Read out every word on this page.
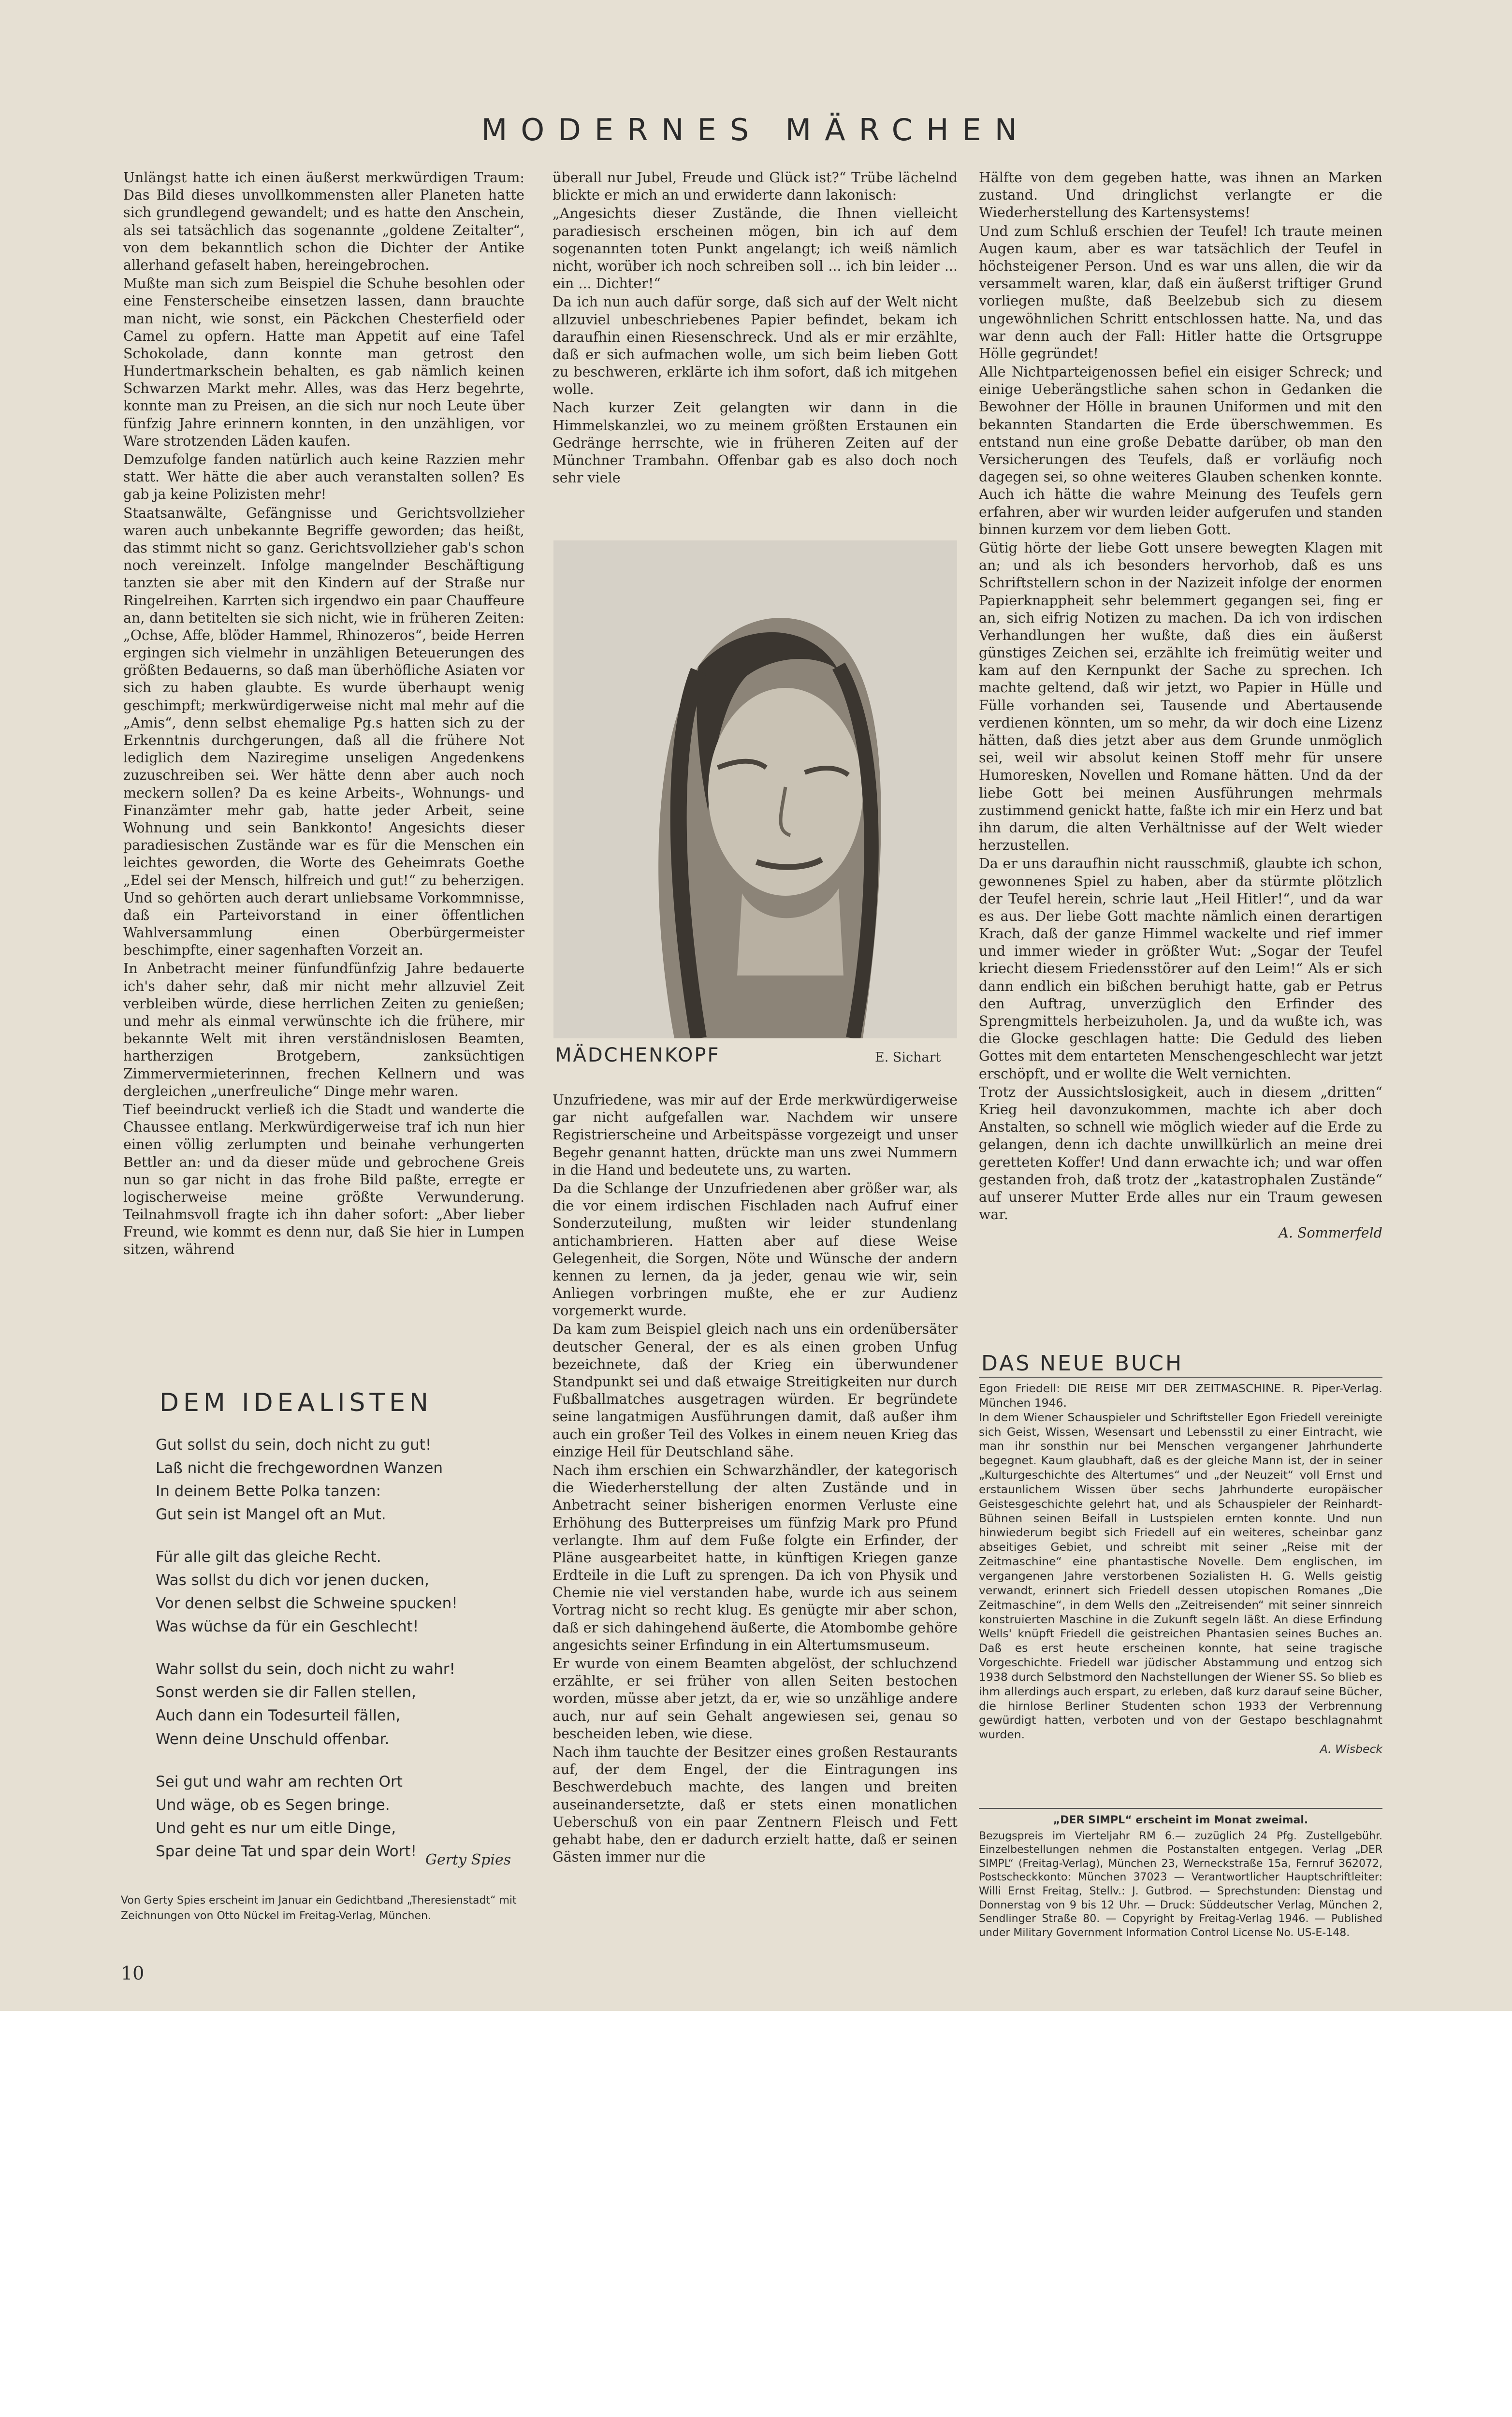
MODERNES MÄRCHEN

Unlängst hatte ich einen äußerst merkwürdigen Traum: Das Bild dieses unvollkommensten aller Planeten hatte sich grundlegend gewandelt; und es hatte den Anschein, als sei tatsächlich das sogenannte „goldene Zeitalter“, von dem bekanntlich schon die Dichter der Antike allerhand gefaselt haben, hereingebrochen.

Mußte man sich zum Beispiel die Schuhe besohlen oder eine Fensterscheibe einsetzen lassen, dann brauchte man nicht, wie sonst, ein Päckchen Chesterfield oder Camel zu opfern. Hatte man Appetit auf eine Tafel Schokolade, dann konnte man getrost den Hundertmarkschein behalten, es gab nämlich keinen Schwarzen Markt mehr. Alles, was das Herz begehrte, konnte man zu Preisen, an die sich nur noch Leute über fünfzig Jahre erinnern konnten, in den unzähligen, vor Ware strotzenden Läden kaufen.

Demzufolge fanden natürlich auch keine Razzien mehr statt. Wer hätte die aber auch veranstalten sollen? Es gab ja keine Polizisten mehr!

Staatsanwälte, Gefängnisse und Gerichtsvollzieher waren auch unbekannte Begriffe geworden; das heißt, das stimmt nicht so ganz. Gerichtsvollzieher gab's schon noch vereinzelt. Infolge mangelnder Beschäftigung tanzten sie aber mit den Kindern auf der Straße nur Ringelreihen. Karrten sich irgendwo ein paar Chauffeure an, dann betitelten sie sich nicht, wie in früheren Zeiten: „Ochse, Affe, blöder Hammel, Rhinozeros“, beide Herren ergingen sich vielmehr in unzähligen Beteuerungen des größten Bedauerns, so daß man überhöfliche Asiaten vor sich zu haben glaubte. Es wurde überhaupt wenig geschimpft; merkwürdigerweise nicht mal mehr auf die „Amis“, denn selbst ehemalige Pg.s hatten sich zu der Erkenntnis durchgerungen, daß all die frühere Not lediglich dem Naziregime unseligen Angedenkens zuzuschreiben sei. Wer hätte denn aber auch noch meckern sollen? Da es keine Arbeits-, Wohnungs- und Finanzämter mehr gab, hatte jeder Arbeit, seine Wohnung und sein Bankkonto! Angesichts dieser paradiesischen Zustände war es für die Menschen ein leichtes geworden, die Worte des Geheimrats Goethe „Edel sei der Mensch, hilfreich und gut!“ zu beherzigen. Und so gehörten auch derart unliebsame Vorkommnisse, daß ein Parteivorstand in einer öffentlichen Wahlversammlung einen Oberbürgermeister beschimpfte, einer sagenhaften Vorzeit an.

In Anbetracht meiner fünfundfünfzig Jahre bedauerte ich's daher sehr, daß mir nicht mehr allzuviel Zeit verbleiben würde, diese herrlichen Zeiten zu genießen; und mehr als einmal verwünschte ich die frühere, mir bekannte Welt mit ihren verständnislosen Beamten, hartherzigen Brotgebern, zanksüchtigen Zimmervermieterinnen, frechen Kellnern und was dergleichen „unerfreuliche“ Dinge mehr waren.

Tief beeindruckt verließ ich die Stadt und wanderte die Chaussee entlang. Merkwürdigerweise traf ich nun hier einen völlig zerlumpten und beinahe verhungerten Bettler an: und da dieser müde und gebrochene Greis nun so gar nicht in das frohe Bild paßte, erregte er logischerweise meine größte Verwunderung. Teilnahmsvoll fragte ich ihn daher sofort: „Aber lieber Freund, wie kommt es denn nur, daß Sie hier in Lumpen sitzen, während

überall nur Jubel, Freude und Glück ist?“ Trübe lächelnd blickte er mich an und erwiderte dann lakonisch:

„Angesichts dieser Zustände, die Ihnen vielleicht paradiesisch erscheinen mögen, bin ich auf dem sogenannten toten Punkt angelangt; ich weiß nämlich nicht, worüber ich noch schreiben soll ... ich bin leider ... ein ... Dichter!“

Da ich nun auch dafür sorge, daß sich auf der Welt nicht allzuviel unbeschriebenes Papier befindet, bekam ich daraufhin einen Riesenschreck. Und als er mir erzählte, daß er sich aufmachen wolle, um sich beim lieben Gott zu beschweren, erklärte ich ihm sofort, daß ich mitgehen wolle.

Nach kurzer Zeit gelangten wir dann in die Himmelskanzlei, wo zu meinem größten Erstaunen ein Gedränge herrschte, wie in früheren Zeiten auf der Münchner Trambahn. Offenbar gab es also doch noch sehr viele

MÄDCHENKOPF	E. Sichart

Unzufriedene, was mir auf der Erde merkwürdigerweise gar nicht aufgefallen war. Nachdem wir unsere Registrierscheine und Arbeitspässe vorgezeigt und unser Begehr genannt hatten, drückte man uns zwei Nummern in die Hand und bedeutete uns, zu warten.

Da die Schlange der Unzufriedenen aber größer war, als die vor einem irdischen Fischladen nach Aufruf einer Sonderzuteilung, mußten wir leider stundenlang antichambrieren. Hatten aber auf diese Weise Gelegenheit, die Sorgen, Nöte und Wünsche der andern kennen zu lernen, da ja jeder, genau wie wir, sein Anliegen vorbringen mußte, ehe er zur Audienz vorgemerkt wurde.

Da kam zum Beispiel gleich nach uns ein ordenübersäter deutscher General, der es als einen groben Unfug bezeichnete, daß der Krieg ein überwundener Standpunkt sei und daß etwaige Streitigkeiten nur durch Fußballmatches ausgetragen würden. Er begründete seine langatmigen Ausführungen damit, daß außer ihm auch ein großer Teil des Volkes in einem neuen Krieg das einzige Heil für Deutschland sähe.

Nach ihm erschien ein Schwarzhändler, der kategorisch die Wiederherstellung der alten Zustände und in Anbetracht seiner bisherigen enormen Verluste eine Erhöhung des Butterpreises um fünfzig Mark pro Pfund verlangte. Ihm auf dem Fuße folgte ein Erfinder, der Pläne ausgearbeitet hatte, in künftigen Kriegen ganze Erdteile in die Luft zu sprengen. Da ich von Physik und Chemie nie viel verstanden habe, wurde ich aus seinem Vortrag nicht so recht klug. Es genügte mir aber schon, daß er sich dahingehend äußerte, die Atombombe gehöre angesichts seiner Erfindung in ein Altertumsmuseum.

Er wurde von einem Beamten abgelöst, der schluchzend erzählte, er sei früher von allen Seiten bestochen worden, müsse aber jetzt, da er, wie so unzählige andere auch, nur auf sein Gehalt angewiesen sei, genau so bescheiden leben, wie diese.

Nach ihm tauchte der Besitzer eines großen Restaurants auf, der dem Engel, der die Eintragungen ins Beschwerdebuch machte, des langen und breiten auseinandersetzte, daß er stets einen monatlichen Ueberschuß von ein paar Zentnern Fleisch und Fett gehabt habe, den er dadurch erzielt hatte, daß er seinen Gästen immer nur die

Hälfte von dem gegeben hatte, was ihnen an Marken zustand. Und dringlichst verlangte er die Wiederherstellung des Kartensystems!

Und zum Schluß erschien der Teufel! Ich traute meinen Augen kaum, aber es war tatsächlich der Teufel in höchsteigener Person. Und es war uns allen, die wir da versammelt waren, klar, daß ein äußerst triftiger Grund vorliegen mußte, daß Beelzebub sich zu diesem ungewöhnlichen Schritt entschlossen hatte. Na, und das war denn auch der Fall: Hitler hatte die Ortsgruppe Hölle gegründet!

Alle Nichtparteigenossen befiel ein eisiger Schreck; und einige Ueberängstliche sahen schon in Gedanken die Bewohner der Hölle in braunen Uniformen und mit den bekannten Standarten die Erde überschwemmen. Es entstand nun eine große Debatte darüber, ob man den Versicherungen des Teufels, daß er vorläufig noch dagegen sei, so ohne weiteres Glauben schenken konnte. Auch ich hätte die wahre Meinung des Teufels gern erfahren, aber wir wurden leider aufgerufen und standen binnen kurzem vor dem lieben Gott.

Gütig hörte der liebe Gott unsere bewegten Klagen mit an; und als ich besonders hervorhob, daß es uns Schriftstellern schon in der Nazizeit infolge der enormen Papierknappheit sehr belemmert gegangen sei, fing er an, sich eifrig Notizen zu machen. Da ich von irdischen Verhandlungen her wußte, daß dies ein äußerst günstiges Zeichen sei, erzählte ich freimütig weiter und kam auf den Kernpunkt der Sache zu sprechen. Ich machte geltend, daß wir jetzt, wo Papier in Hülle und Fülle vorhanden sei, Tausende und Abertausende verdienen könnten, um so mehr, da wir doch eine Lizenz hätten, daß dies jetzt aber aus dem Grunde unmöglich sei, weil wir absolut keinen Stoff mehr für unsere Humoresken, Novellen und Romane hätten. Und da der liebe Gott bei meinen Ausführungen mehrmals zustimmend genickt hatte, faßte ich mir ein Herz und bat ihn darum, die alten Verhältnisse auf der Welt wieder herzustellen.

Da er uns daraufhin nicht rausschmiß, glaubte ich schon, gewonnenes Spiel zu haben, aber da stürmte plötzlich der Teufel herein, schrie laut „Heil Hitler!“, und da war es aus. Der liebe Gott machte nämlich einen derartigen Krach, daß der ganze Himmel wackelte und rief immer und immer wieder in größter Wut: „Sogar der Teufel kriecht diesem Friedensstörer auf den Leim!“ Als er sich dann endlich ein bißchen beruhigt hatte, gab er Petrus den Auftrag, unverzüglich den Erfinder des Sprengmittels herbeizuholen. Ja, und da wußte ich, was die Glocke geschlagen hatte: Die Geduld des lieben Gottes mit dem entarteten Menschengeschlecht war jetzt erschöpft, und er wollte die Welt vernichten.

Trotz der Aussichtslosigkeit, auch in diesem „dritten“ Krieg heil davonzukommen, machte ich aber doch Anstalten, so schnell wie möglich wieder auf die Erde zu gelangen, denn ich dachte unwillkürlich an meine drei geretteten Koffer! Und dann erwachte ich; und war offen gestanden froh, daß trotz der „katastrophalen Zustände“ auf unserer Mutter Erde alles nur ein Traum gewesen war.

A. Sommerfeld

DEM IDEALISTEN
Gut sollst du sein, doch nicht zu gut!
Laß nicht die frechgewordnen Wanzen
In deinem Bette Polka tanzen:
Gut sein ist Mangel oft an Mut.
Für alle gilt das gleiche Recht.
Was sollst du dich vor jenen ducken,
Vor denen selbst die Schweine spucken!
Was wüchse da für ein Geschlecht!
Wahr sollst du sein, doch nicht zu wahr!
Sonst werden sie dir Fallen stellen,
Auch dann ein Todesurteil fällen,
Wenn deine Unschuld offenbar.
Sei gut und wahr am rechten Ort
Und wäge, ob es Segen bringe.
Und geht es nur um eitle Dinge,
Spar deine Tat und spar dein Wort! Gerty Spies
Von Gerty Spies erscheint im Januar ein Gedichtband „Theresienstadt“ mit Zeichnungen von Otto Nückel im Freitag-Verlag, München.
DAS NEUE BUCH

Egon Friedell: DIE REISE MIT DER ZEITMASCHINE. R. Piper-Verlag. München 1946.

In dem Wiener Schauspieler und Schriftsteller Egon Friedell vereinigte sich Geist, Wissen, Wesensart und Lebensstil zu einer Eintracht, wie man ihr sonsthin nur bei Menschen vergangener Jahrhunderte begegnet. Kaum glaubhaft, daß es der gleiche Mann ist, der in seiner „Kulturgeschichte des Altertumes“ und „der Neuzeit“ voll Ernst und erstaunlichem Wissen über sechs Jahrhunderte europäischer Geistesgeschichte gelehrt hat, und als Schauspieler der Reinhardt-Bühnen seinen Beifall in Lustspielen ernten konnte. Und nun hinwiederum begibt sich Friedell auf ein weiteres, scheinbar ganz abseitiges Gebiet, und schreibt mit seiner „Reise mit der Zeitmaschine“ eine phantastische Novelle. Dem englischen, im vergangenen Jahre verstorbenen Sozialisten H. G. Wells geistig verwandt, erinnert sich Friedell dessen utopischen Romanes „Die Zeitmaschine“, in dem Wells den „Zeitreisenden“ mit seiner sinnreich konstruierten Maschine in die Zukunft segeln läßt. An diese Erfindung Wells' knüpft Friedell die geistreichen Phantasien seines Buches an. Daß es erst heute erscheinen konnte, hat seine tragische Vorgeschichte. Friedell war jüdischer Abstammung und entzog sich 1938 durch Selbstmord den Nachstellungen der Wiener SS. So blieb es ihm allerdings auch erspart, zu erleben, daß kurz darauf seine Bücher, die hirnlose Berliner Studenten schon 1933 der Verbrennung gewürdigt hatten, verboten und von der Gestapo beschlagnahmt wurden.

A. Wisbeck

„DER SIMPL“ erscheint im Monat zweimal.
Bezugspreis im Vierteljahr RM 6.— zuzüglich 24 Pfg. Zustellgebühr. Einzelbestellungen nehmen die Postanstalten entgegen. Verlag „DER SIMPL“ (Freitag-Verlag), München 23, Werneckstraße 15a, Fernruf 362072, Postscheckkonto: München 37023 — Verantwortlicher Hauptschriftleiter: Willi Ernst Freitag, Stellv.: J. Gutbrod. — Sprechstunden: Dienstag und Donnerstag von 9 bis 12 Uhr. — Druck: Süddeutscher Verlag, München 2, Sendlinger Straße 80. — Copyright by Freitag-Verlag 1946. — Published under Military Government Information Control License No. US-E-148.
10
